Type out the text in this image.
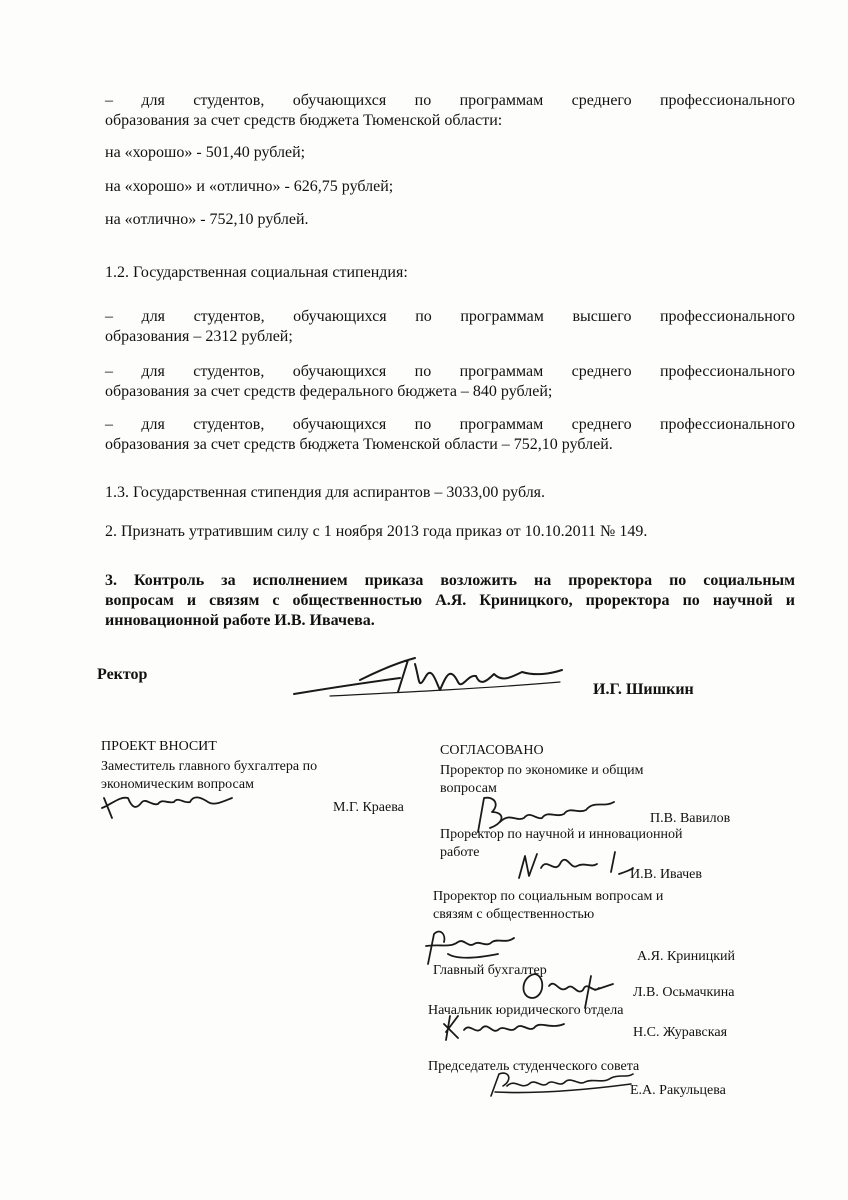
– для студентов, обучающихся по программам среднего профессионального
образования за счет средств бюджета Тюменской области:
на «хорошо» - 501,40 рублей;
на «хорошо» и «отлично» - 626,75 рублей;
на «отлично» - 752,10 рублей.
1.2. Государственная социальная стипендия:
– для студентов, обучающихся по программам высшего профессионального
образования – 2312 рублей;
– для студентов, обучающихся по программам среднего профессионального
образования за счет средств федерального бюджета – 840 рублей;
– для студентов, обучающихся по программам среднего профессионального
образования за счет средств бюджета Тюменской области – 752,10 рублей.
1.3. Государственная стипендия для аспирантов – 3033,00 рубля.
2. Признать утратившим силу с 1 ноября 2013 года приказ от 10.10.2011 № 149.
3. Контроль за исполнением приказа возложить на проректора по социальным
вопросам и связям с общественностью А.Я. Криницкого, проректора по научной и
инновационной работе И.В. Ивачева.
Ректор
И.Г. Шишкин
ПРОЕКТ ВНОСИТ
Заместитель главного бухгалтера по
экономическим вопросам
М.Г. Краева
СОГЛАСОВАНО
Проректор по экономике и общим
вопросам
П.В. Вавилов
Проректор по научной и инновационной
работе
И.В. Ивачев
Проректор по социальным вопросам и
связям с общественностью
А.Я. Криницкий
Главный бухгалтер
Л.В. Осьмачкина
Начальник юридического отдела
Н.С. Журавская
Председатель студенческого совета
Е.А. Ракульцева
